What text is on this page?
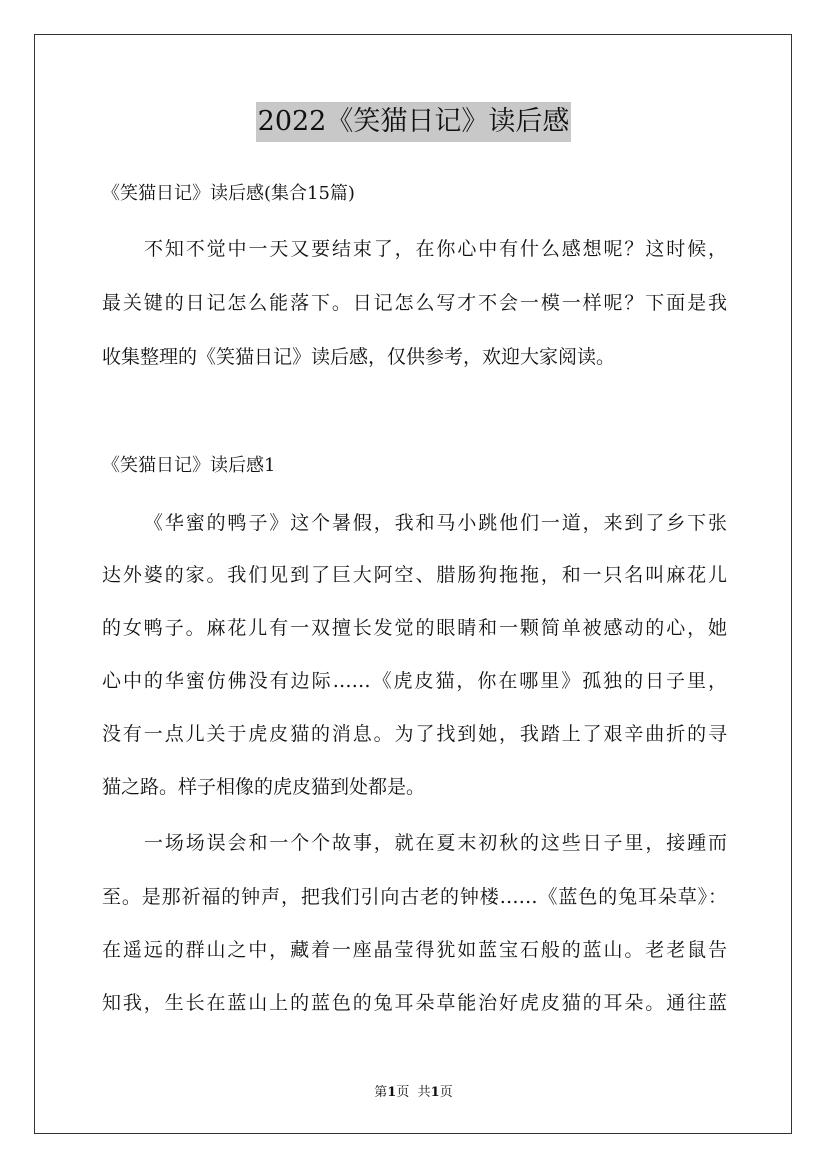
2022《笑猫日记》读后感
《笑猫日记》读后感(集合15篇)
不知不觉中一天又要结束了，在你心中有什么感想呢？这时候，
最关键的日记怎么能落下。日记怎么写才不会一模一样呢？下面是我
收集整理的《笑猫日记》读后感，仅供参考，欢迎大家阅读。
《笑猫日记》读后感1
《华蜜的鸭子》这个暑假，我和马小跳他们一道，来到了乡下张
达外婆的家。我们见到了巨大阿空、腊肠狗拖拖，和一只名叫麻花儿
的女鸭子。麻花儿有一双擅长发觉的眼睛和一颗简单被感动的心，她
心中的华蜜仿佛没有边际……《虎皮猫，你在哪里》孤独的日子里，
没有一点儿关于虎皮猫的消息。为了找到她，我踏上了艰辛曲折的寻
猫之路。样子相像的虎皮猫到处都是。
一场场误会和一个个故事，就在夏末初秋的这些日子里，接踵而
至。是那祈福的钟声，把我们引向古老的钟楼……《蓝色的兔耳朵草》：
在遥远的群山之中，藏着一座晶莹得犹如蓝宝石般的蓝山。老老鼠告
知我，生长在蓝山上的蓝色的兔耳朵草能治好虎皮猫的耳朵。通往蓝
第1页 共1页
